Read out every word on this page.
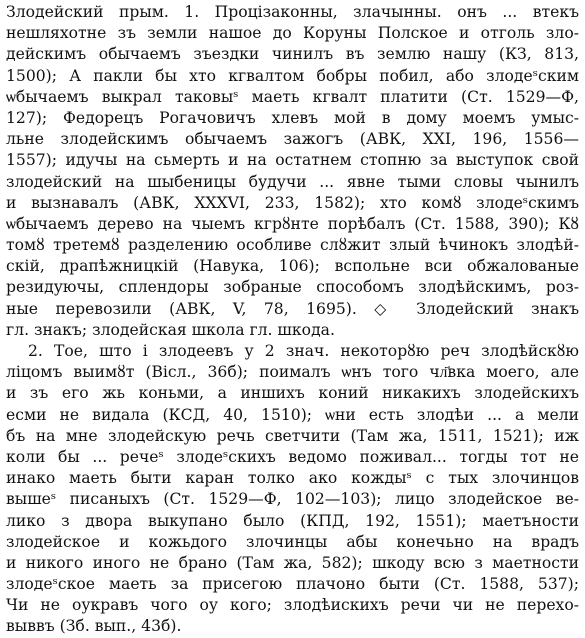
Злодейский прым. 1. Процізаконны, злачынны. онъ ... втекъ
нешляхотне зъ земли нашое до Коруны Полское и отголь зло-
дейскимъ обычаемъ зъездки чинилъ въ землю нашу (КЗ, 813,
1500); А пакли бы хто кгвалтом бобры побил, або злодеˢским
ѡбычаемъ выкрал таковыˢ маеть кгвалт платити (Ст. 1529—Ф,
127); Федорецъ Рогачовичъ хлевъ мой в дому моемъ умыс-
льне злодейскимъ обычаемъ зажогъ (АВК, XXI, 196, 1556—
1557); идучы на сьмерть и на остатнем стопню за выступок свой
злодейский на шыбеницы будучи ... явне тыми словы чынилъ
и вызнавалъ (АВК, XXXVI, 233, 1582); хто комȣ злодеˢскимъ
ѡбычаемъ дерево на чыемъ кгрȣнте порѣбалъ (Ст. 1588, 390); Кȣ
томȣ третемȣ разделению особливе слȣжит злый ѣчинокъ злодѣй-
скій, драпѣжницкій (Навука, 106); вспольне вси обжалованые
резидуючы, сплендоры зобраные способомъ злодѣйскимъ, роз-
ные перевозили (АВК, V, 78, 1695). ◇ Злодейский знакъ
гл. знакъ; злодейская школа гл. шкода.
2. Тое, што і злодеевъ у 2 знач. некоторȣю реч злодѣйскȣю
ліцомъ выимȣт (Вісл., 36б); поималъ ѡнъ того чл҃вка моего, але
и зъ его жь коньми, а иншихъ коний никакихъ злодейскихъ
есми не видала (КСД, 40, 1510); ѡни есть злодѣи ... а мели
бъ на мне злодейскую речь светчити (Там жа, 1511, 1521); иж
коли бы ... речеˢ злодеˢскихъ ведомо поживал... тогды тот не
инако маеть быти каран толко ако кождыˢ с тых злочинцов
вышеˢ писаныхъ (Ст. 1529—Ф, 102—103); лицо злодейское ве-
лико з двора выкупано было (КПД, 192, 1551); маетъности
злодейское и кожьдого злочинцы абы конечьно на врадъ
и никого иного не брано (Там жа, 582); шкоду всю з маетности
злодеˢское маеть за присегою плачоно быти (Ст. 1588, 537);
Чи не оукравъ чого оу кого; злодѣискихъ речи чи не перехо-
выввъ (Зб. вып., 43б).
